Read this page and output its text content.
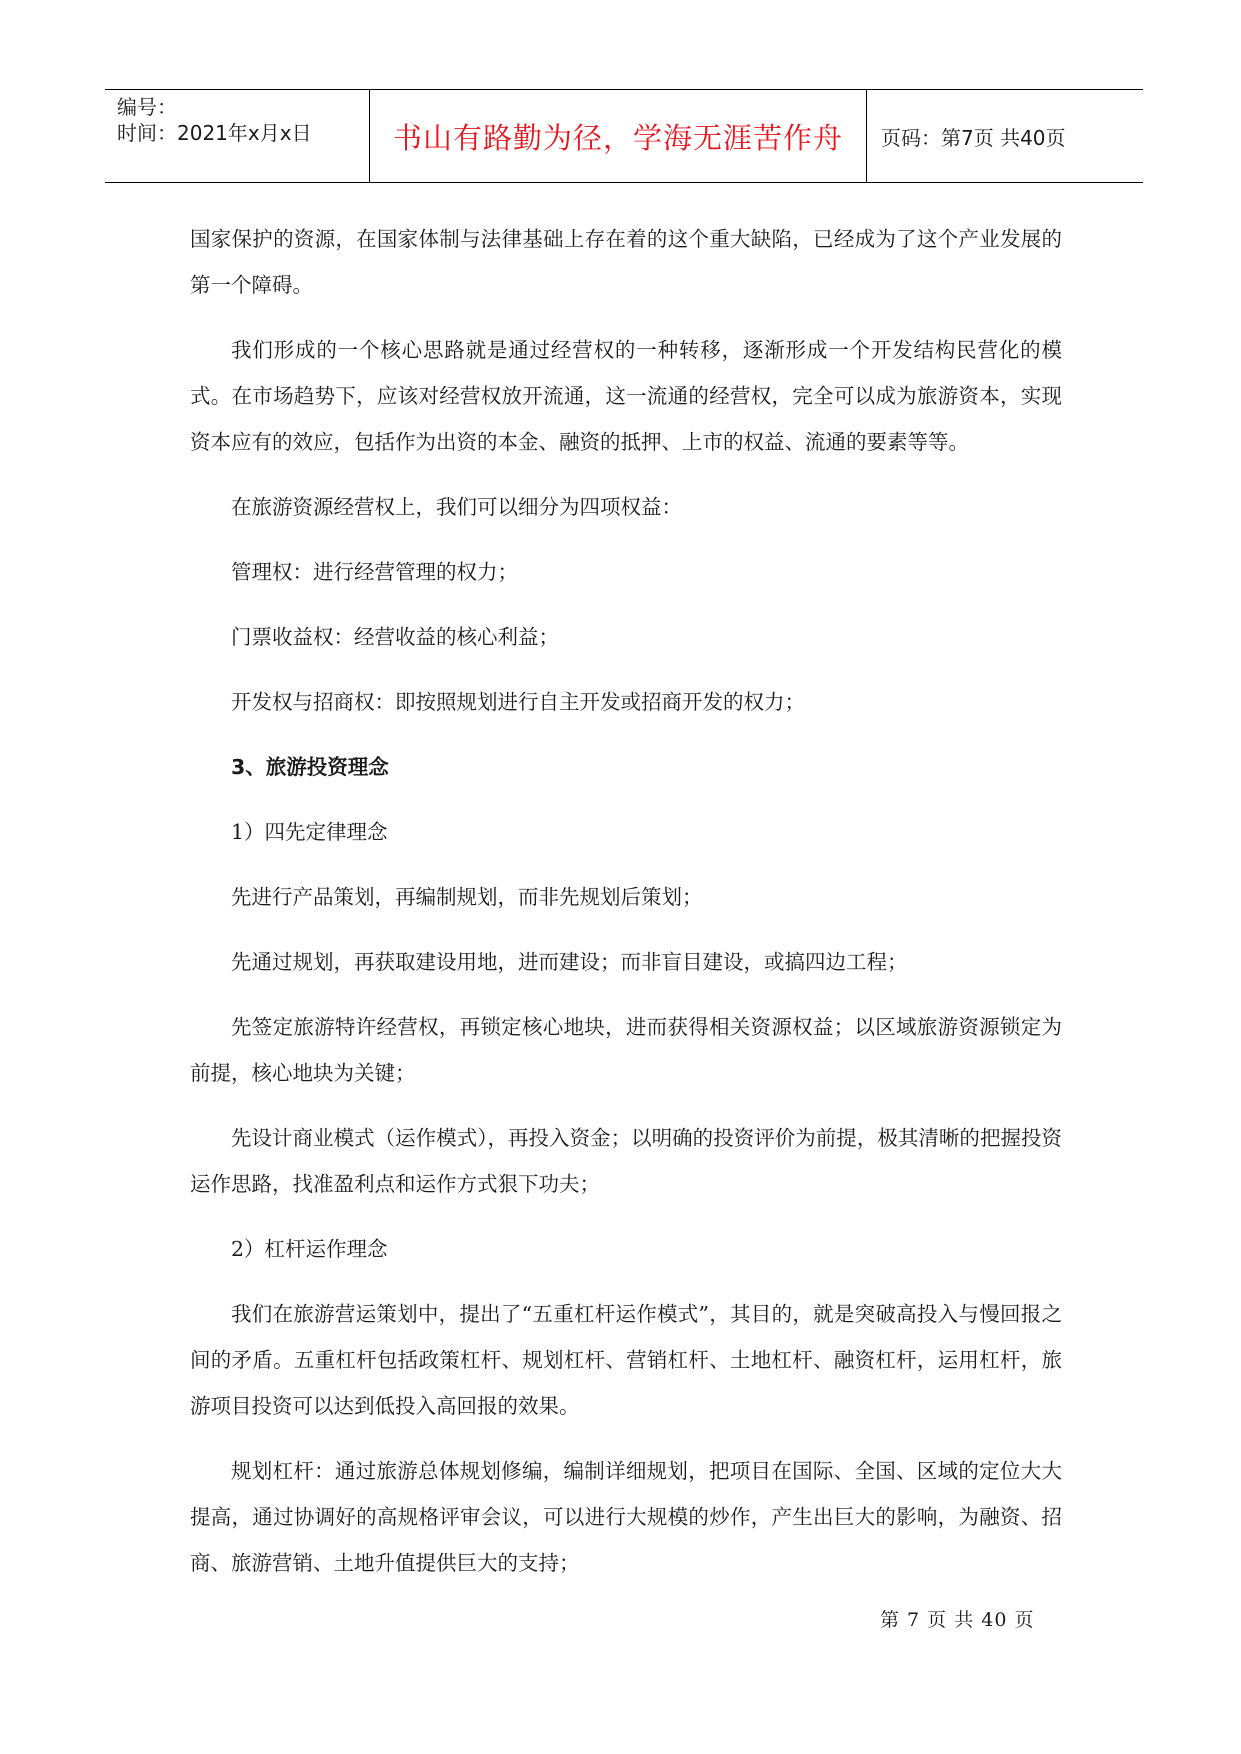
编号：
时间：2021年x月x日	书山有路勤为径，学海无涯苦作舟	页码：第7页 共40页

国家保护的资源，在国家体制与法律基础上存在着的这个重大缺陷，已经成为了这个产业发展的第一个障碍。

我们形成的一个核心思路就是通过经营权的一种转移，逐渐形成一个开发结构民营化的模式。在市场趋势下，应该对经营权放开流通，这一流通的经营权，完全可以成为旅游资本，实现资本应有的效应，包括作为出资的本金、融资的抵押、上市的权益、流通的要素等等。

在旅游资源经营权上，我们可以细分为四项权益：

管理权：进行经营管理的权力；

门票收益权：经营收益的核心利益；

开发权与招商权：即按照规划进行自主开发或招商开发的权力；

3、旅游投资理念

1）四先定律理念

先进行产品策划，再编制规划，而非先规划后策划；

先通过规划，再获取建设用地，进而建设；而非盲目建设，或搞四边工程；

先签定旅游特许经营权，再锁定核心地块，进而获得相关资源权益；以区域旅游资源锁定为前提，核心地块为关键；

先设计商业模式（运作模式），再投入资金；以明确的投资评价为前提，极其清晰的把握投资运作思路，找准盈利点和运作方式狠下功夫；

2）杠杆运作理念

我们在旅游营运策划中，提出了“五重杠杆运作模式”，其目的，就是突破高投入与慢回报之间的矛盾。五重杠杆包括政策杠杆、规划杠杆、营销杠杆、土地杠杆、融资杠杆，运用杠杆，旅游项目投资可以达到低投入高回报的效果。

规划杠杆：通过旅游总体规划修编，编制详细规划，把项目在国际、全国、区域的定位大大提高，通过协调好的高规格评审会议，可以进行大规模的炒作，产生出巨大的影响，为融资、招商、旅游营销、土地升值提供巨大的支持；

第 7 页 共 40 页
